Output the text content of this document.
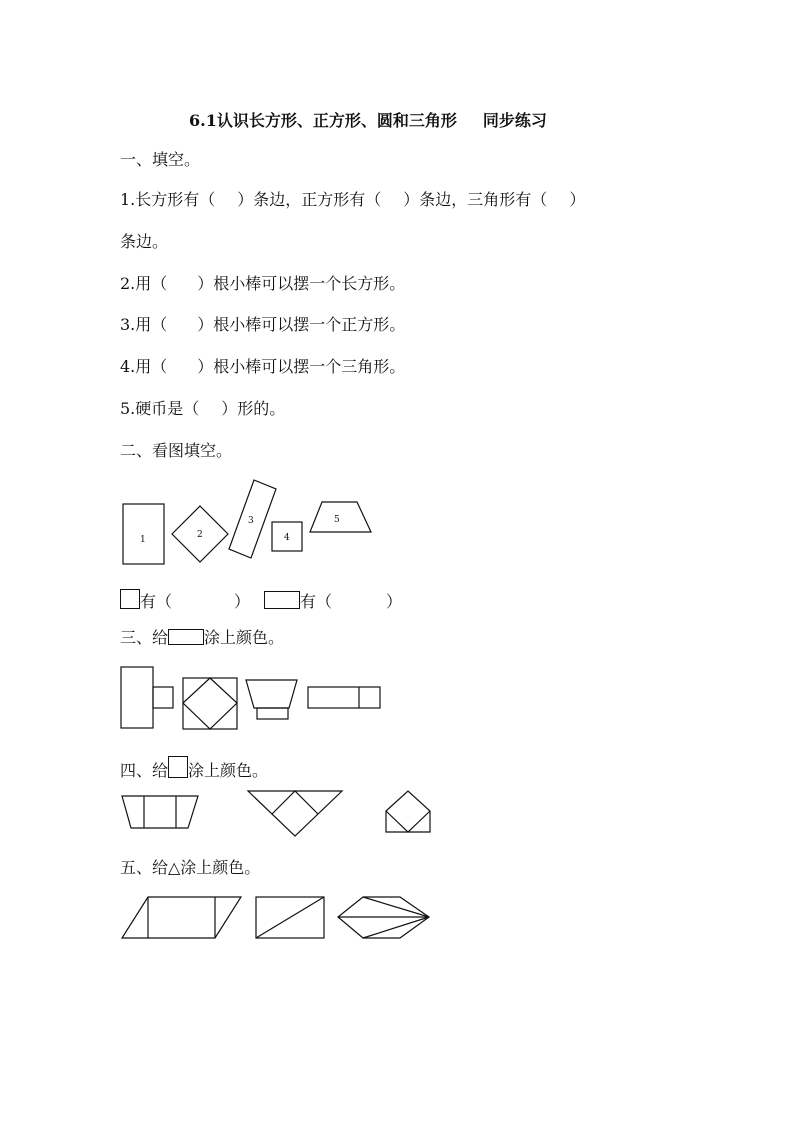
6.1认识长方形、正方形、圆和三角形 同步练习
一、填空。
1.长方形有（ ）条边，正方形有（ ）条边，三角形有（ ）
条边。
2.用（ ）根小棒可以摆一个长方形。
3.用（ ）根小棒可以摆一个正方形。
4.用（ ）根小棒可以摆一个三角形。
5.硬币是（ ）形的。
二、看图填空。
有（	）	有（	）
三、给 涂上颜色。
四、给 涂上颜色。
五、给△涂上颜色。
1	2
3
4
5
